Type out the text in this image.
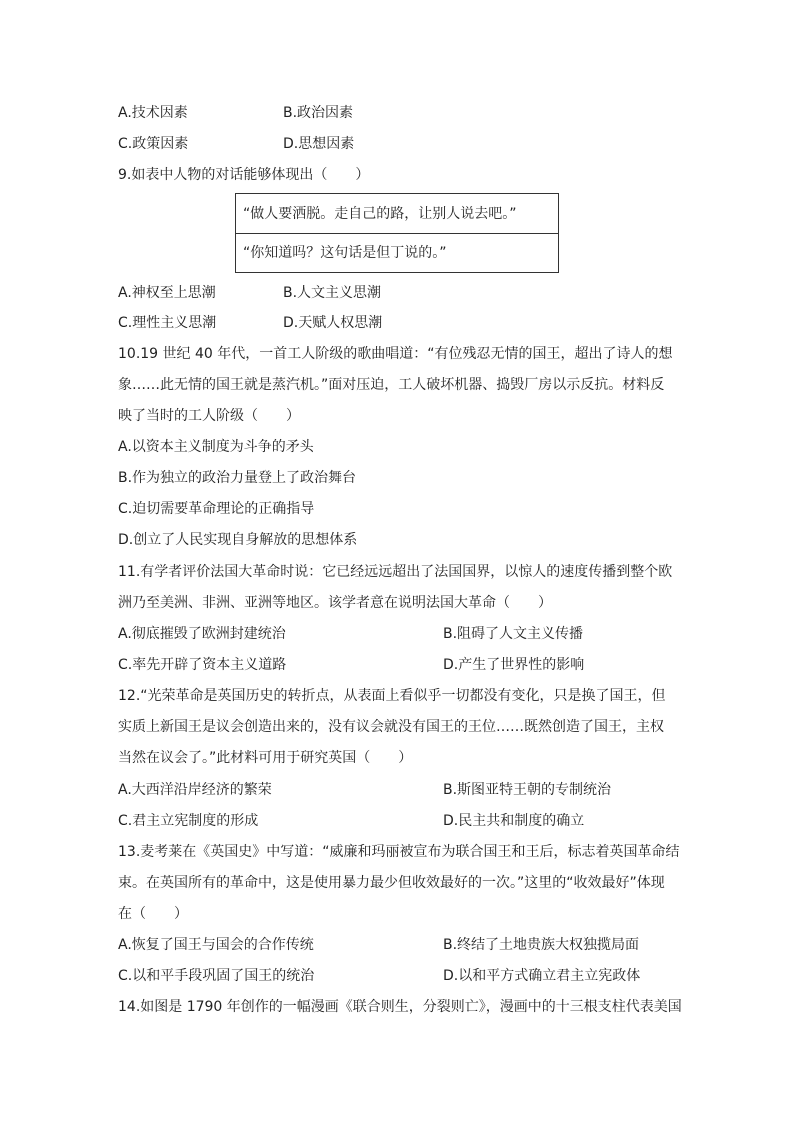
A.技术因素	B.政治因素
C.政策因素	D.思想因素
9.如表中人物的对话能够体现出（　　）
“做人要洒脱。走自己的路，让别人说去吧。”
“你知道吗？这句话是但丁说的。”
A.神权至上思潮	B.人文主义思潮
C.理性主义思潮	D.天赋人权思潮
10.19 世纪 40 年代，一首工人阶级的歌曲唱道：“有位残忍无情的国王，超出了诗人的想
象……此无情的国王就是蒸汽机。”面对压迫，工人破坏机器、捣毁厂房以示反抗。材料反
映了当时的工人阶级（　　）
A.以资本主义制度为斗争的矛头
B.作为独立的政治力量登上了政治舞台
C.迫切需要革命理论的正确指导
D.创立了人民实现自身解放的思想体系
11.有学者评价法国大革命时说：它已经远远超出了法国国界，以惊人的速度传播到整个欧
洲乃至美洲、非洲、亚洲等地区。该学者意在说明法国大革命（　　）
A.彻底摧毁了欧洲封建统治	B.阻碍了人文主义传播
C.率先开辟了资本主义道路	D.产生了世界性的影响
12.“光荣革命是英国历史的转折点，从表面上看似乎一切都没有变化，只是换了国王，但
实质上新国王是议会创造出来的，没有议会就没有国王的王位……既然创造了国王，主权
当然在议会了。”此材料可用于研究英国（　　）
A.大西洋沿岸经济的繁荣	B.斯图亚特王朝的专制统治
C.君主立宪制度的形成	D.民主共和制度的确立
13.麦考莱在《英国史》中写道：“威廉和玛丽被宣布为联合国王和王后，标志着英国革命结
束。在英国所有的革命中，这是使用暴力最少但收效最好的一次。”这里的“收效最好”体现
在（　　）
A.恢复了国王与国会的合作传统	B.终结了土地贵族大权独揽局面
C.以和平手段巩固了国王的统治	D.以和平方式确立君主立宪政体
14.如图是 1790 年创作的一幅漫画《联合则生，分裂则亡》，漫画中的十三根支柱代表美国
